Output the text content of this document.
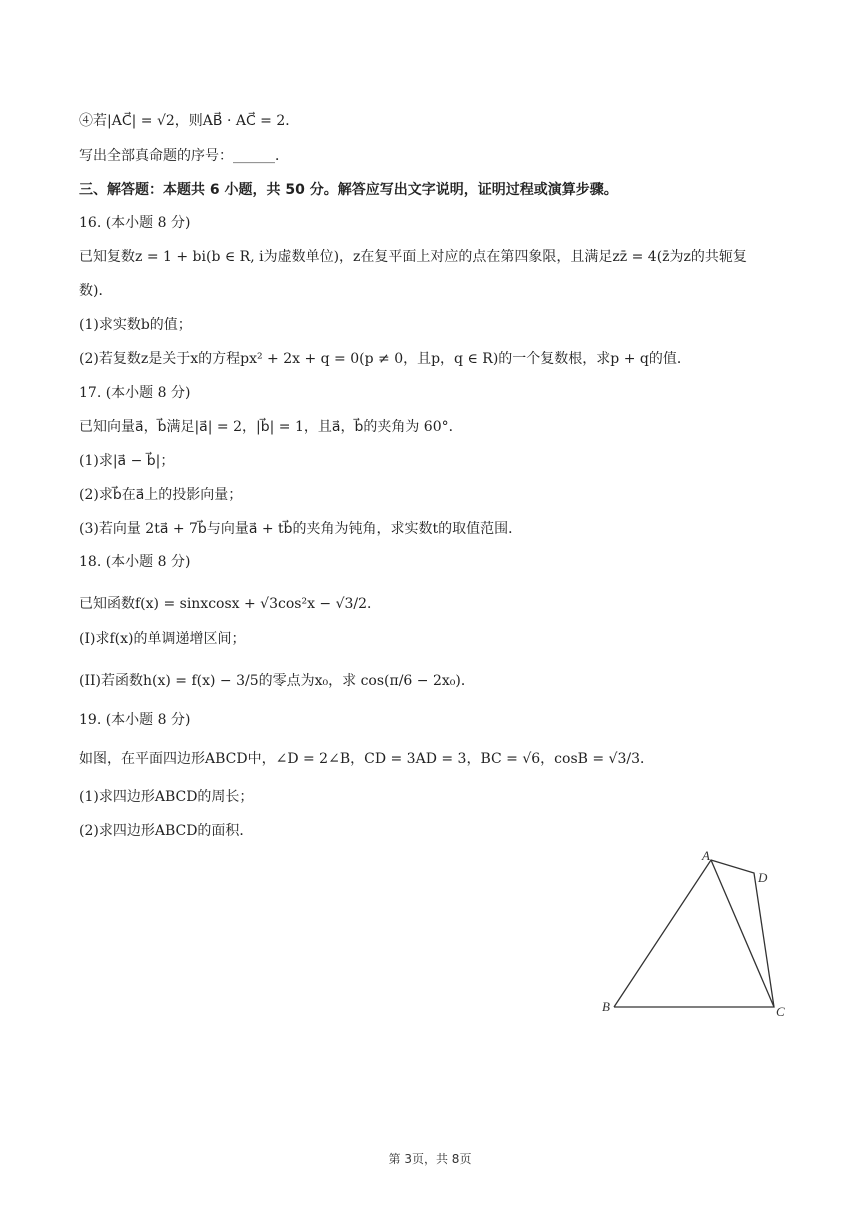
④若|AC⃗| = √2，则AB⃗ · AC⃗ = 2．
写出全部真命题的序号：______．
三、解答题：本题共 6 小题，共 50 分。解答应写出文字说明，证明过程或演算步骤。
16. (本小题 8 分)
已知复数z = 1 + bi(b ∈ R, i为虚数单位)，z在复平面上对应的点在第四象限，且满足zz̄ = 4(z̄为z的共轭复
数)．
(1)求实数b的值；
(2)若复数z是关于x的方程px² + 2x + q = 0(p ≠ 0，且p，q ∈ R)的一个复数根，求p + q的值．
17. (本小题 8 分)
已知向量a⃗，b⃗满足|a⃗| = 2，|b⃗| = 1，且a⃗，b⃗的夹角为 60°．
(1)求|a⃗ − b⃗|；
(2)求b⃗在a⃗上的投影向量；
(3)若向量 2ta⃗ + 7b⃗与向量a⃗ + tb⃗的夹角为钝角，求实数t的取值范围．
18. (本小题 8 分)
已知函数f(x) = sinxcosx + √3cos²x − √3/2．
(I)求f(x)的单调递增区间；
(II)若函数h(x) = f(x) − 3/5的零点为x₀，求 cos(π/6 − 2x₀)．
19. (本小题 8 分)
如图，在平面四边形ABCD中，∠D = 2∠B，CD = 3AD = 3，BC = √6，cosB = √3/3．
(1)求四边形ABCD的周长；
(2)求四边形ABCD的面积．
A
D
B	C
第 3页，共 8页
